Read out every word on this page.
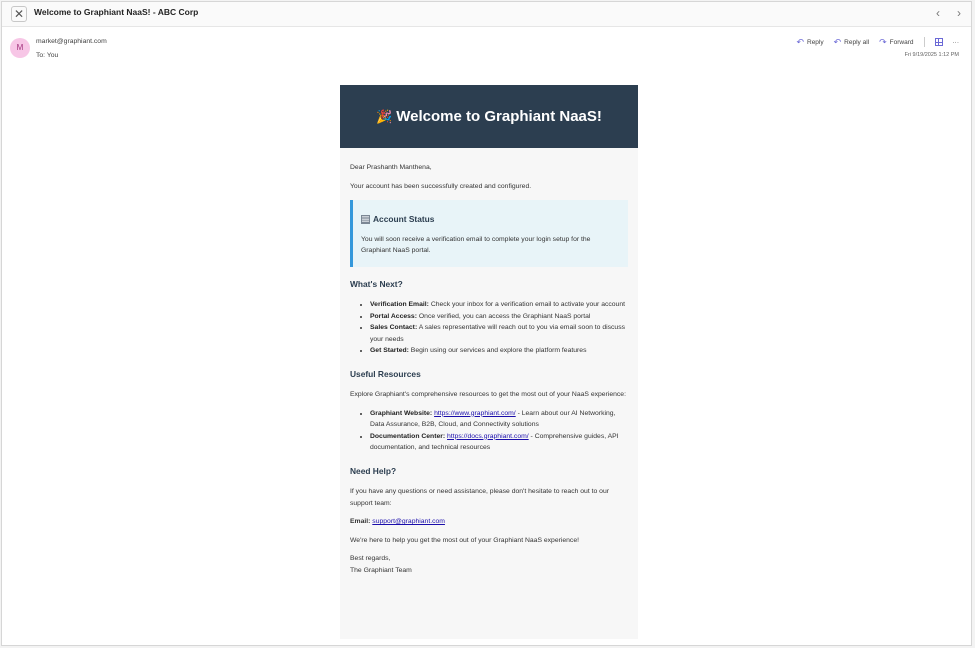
✕	Welcome to Graphiant NaaS! - ABC Corp	‹ ›
M
market@graphiant.com
To: You
↶ Reply ↶ Reply all ↷ Forward	···
Fri 9/19/2025 1:12 PM
🎉 Welcome to Graphiant NaaS!

Dear Prashanth Manthena,

Your account has been successfully created and configured.

Account Status
You will soon receive a verification email to complete your login setup for the Graphiant NaaS portal.
What's Next?
• Verification Email: Check your inbox for a verification email to activate your account
• Portal Access: Once verified, you can access the Graphiant NaaS portal
• Sales Contact: A sales representative will reach out to you via email soon to discuss your needs
• Get Started: Begin using our services and explore the platform features
Useful Resources

Explore Graphiant's comprehensive resources to get the most out of your NaaS experience:

• Graphiant Website: https://www.graphiant.com/ - Learn about our AI Networking, Data Assurance, B2B, Cloud, and Connectivity solutions
• Documentation Center: https://docs.graphiant.com/ - Comprehensive guides, API documentation, and technical resources
Need Help?

If you have any questions or need assistance, please don't hesitate to reach out to our support team:

Email: support@graphiant.com

We're here to help you get the most out of your Graphiant NaaS experience!

Best regards,
The Graphiant Team
